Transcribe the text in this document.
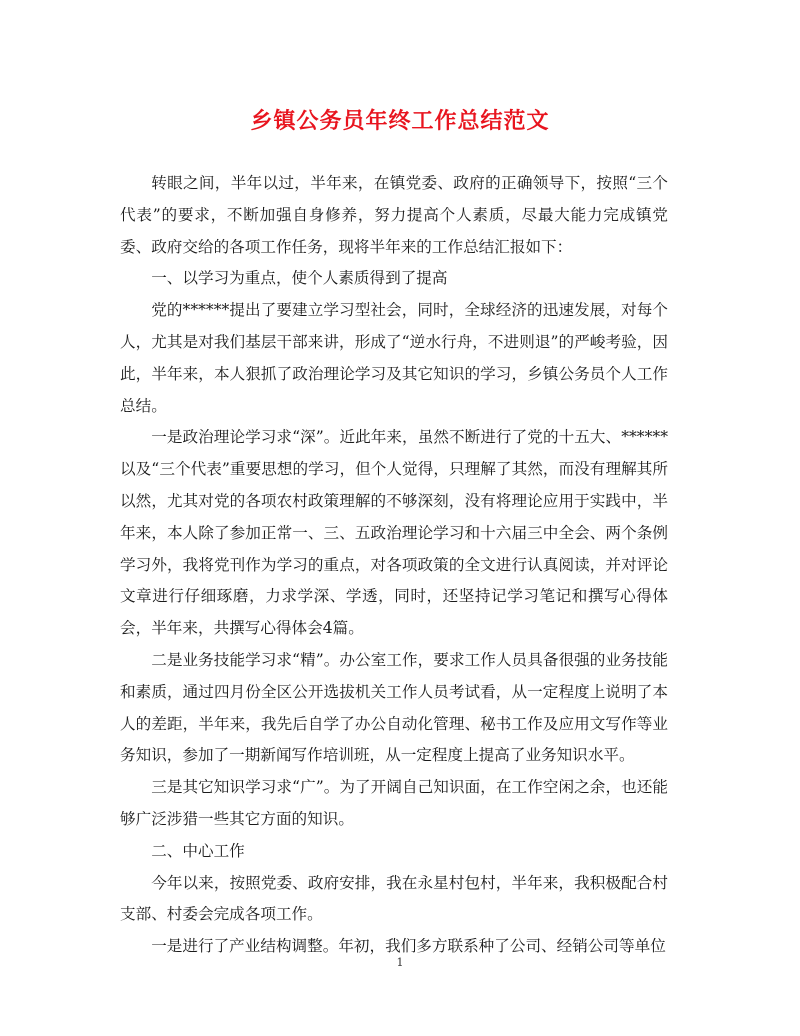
乡镇公务员年终工作总结范文

转眼之间，半年以过，半年来，在镇党委、政府的正确领导下，按照“三个代表”的要求，不断加强自身修养，努力提高个人素质，尽最大能力完成镇党委、政府交给的各项工作任务，现将半年来的工作总结汇报如下：

一、以学习为重点，使个人素质得到了提高

党的******提出了要建立学习型社会，同时，全球经济的迅速发展，对每个人，尤其是对我们基层干部来讲，形成了“逆水行舟，不进则退”的严峻考验，因此，半年来，本人狠抓了政治理论学习及其它知识的学习，乡镇公务员个人工作总结。

一是政治理论学习求“深”。近此年来，虽然不断进行了党的十五大、******以及“三个代表”重要思想的学习，但个人觉得，只理解了其然，而没有理解其所以然，尤其对党的各项农村政策理解的不够深刻，没有将理论应用于实践中，半年来，本人除了参加正常一、三、五政治理论学习和十六届三中全会、两个条例学习外，我将党刊作为学习的重点，对各项政策的全文进行认真阅读，并对评论文章进行仔细琢磨，力求学深、学透，同时，还坚持记学习笔记和撰写心得体会，半年来，共撰写心得体会4篇。

二是业务技能学习求“精”。办公室工作，要求工作人员具备很强的业务技能和素质，通过四月份全区公开选拔机关工作人员考试看，从一定程度上说明了本人的差距，半年来，我先后自学了办公自动化管理、秘书工作及应用文写作等业务知识，参加了一期新闻写作培训班，从一定程度上提高了业务知识水平。

三是其它知识学习求“广”。为了开阔自己知识面，在工作空闲之余，也还能够广泛涉猎一些其它方面的知识。

二、中心工作

今年以来，按照党委、政府安排，我在永星村包村，半年来，我积极配合村支部、村委会完成各项工作。

一是进行了产业结构调整。年初，我们多方联系种了公司、经销公司等单位

1
